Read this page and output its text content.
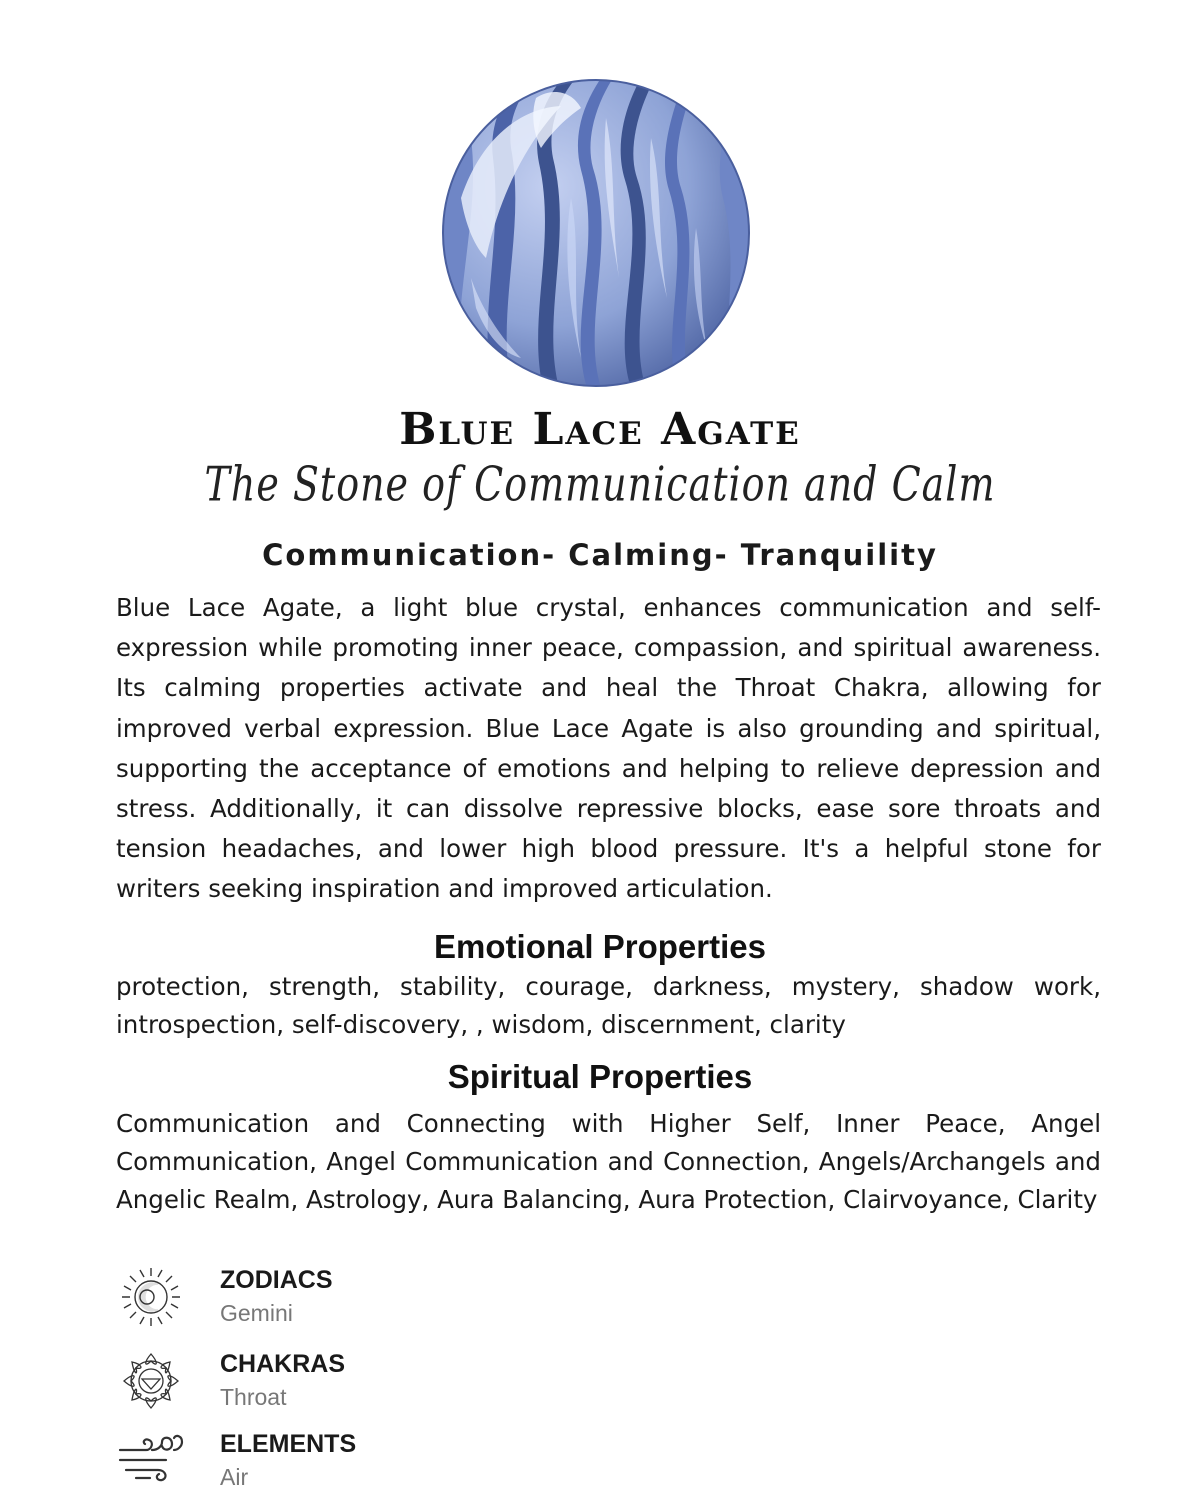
Blue Lace Agate
The Stone of Communication and Calm
Communication- Calming- Tranquility

Blue Lace Agate, a light blue crystal, enhances communication and self-expression while promoting inner peace, compassion, and spiritual awareness. Its calming properties activate and heal the Throat Chakra, allowing for improved verbal expression. Blue Lace Agate is also grounding and spiritual, supporting the acceptance of emotions and helping to relieve depression and stress. Additionally, it can dissolve repressive blocks, ease sore throats and tension headaches, and lower high blood pressure. It's a helpful stone for writers seeking inspiration and improved articulation.

Emotional Properties

protection, strength, stability, courage, darkness, mystery, shadow work, introspection, self-discovery, , wisdom, discernment, clarity

Spiritual Properties

Communication and Connecting with Higher Self, Inner Peace, Angel Communication, Angel Communication and Connection, Angels/Archangels and Angelic Realm, Astrology, Aura Balancing, Aura Protection, Clairvoyance, Clarity

ZODIACS
Gemini
CHAKRAS
Throat
ELEMENTS
Air
